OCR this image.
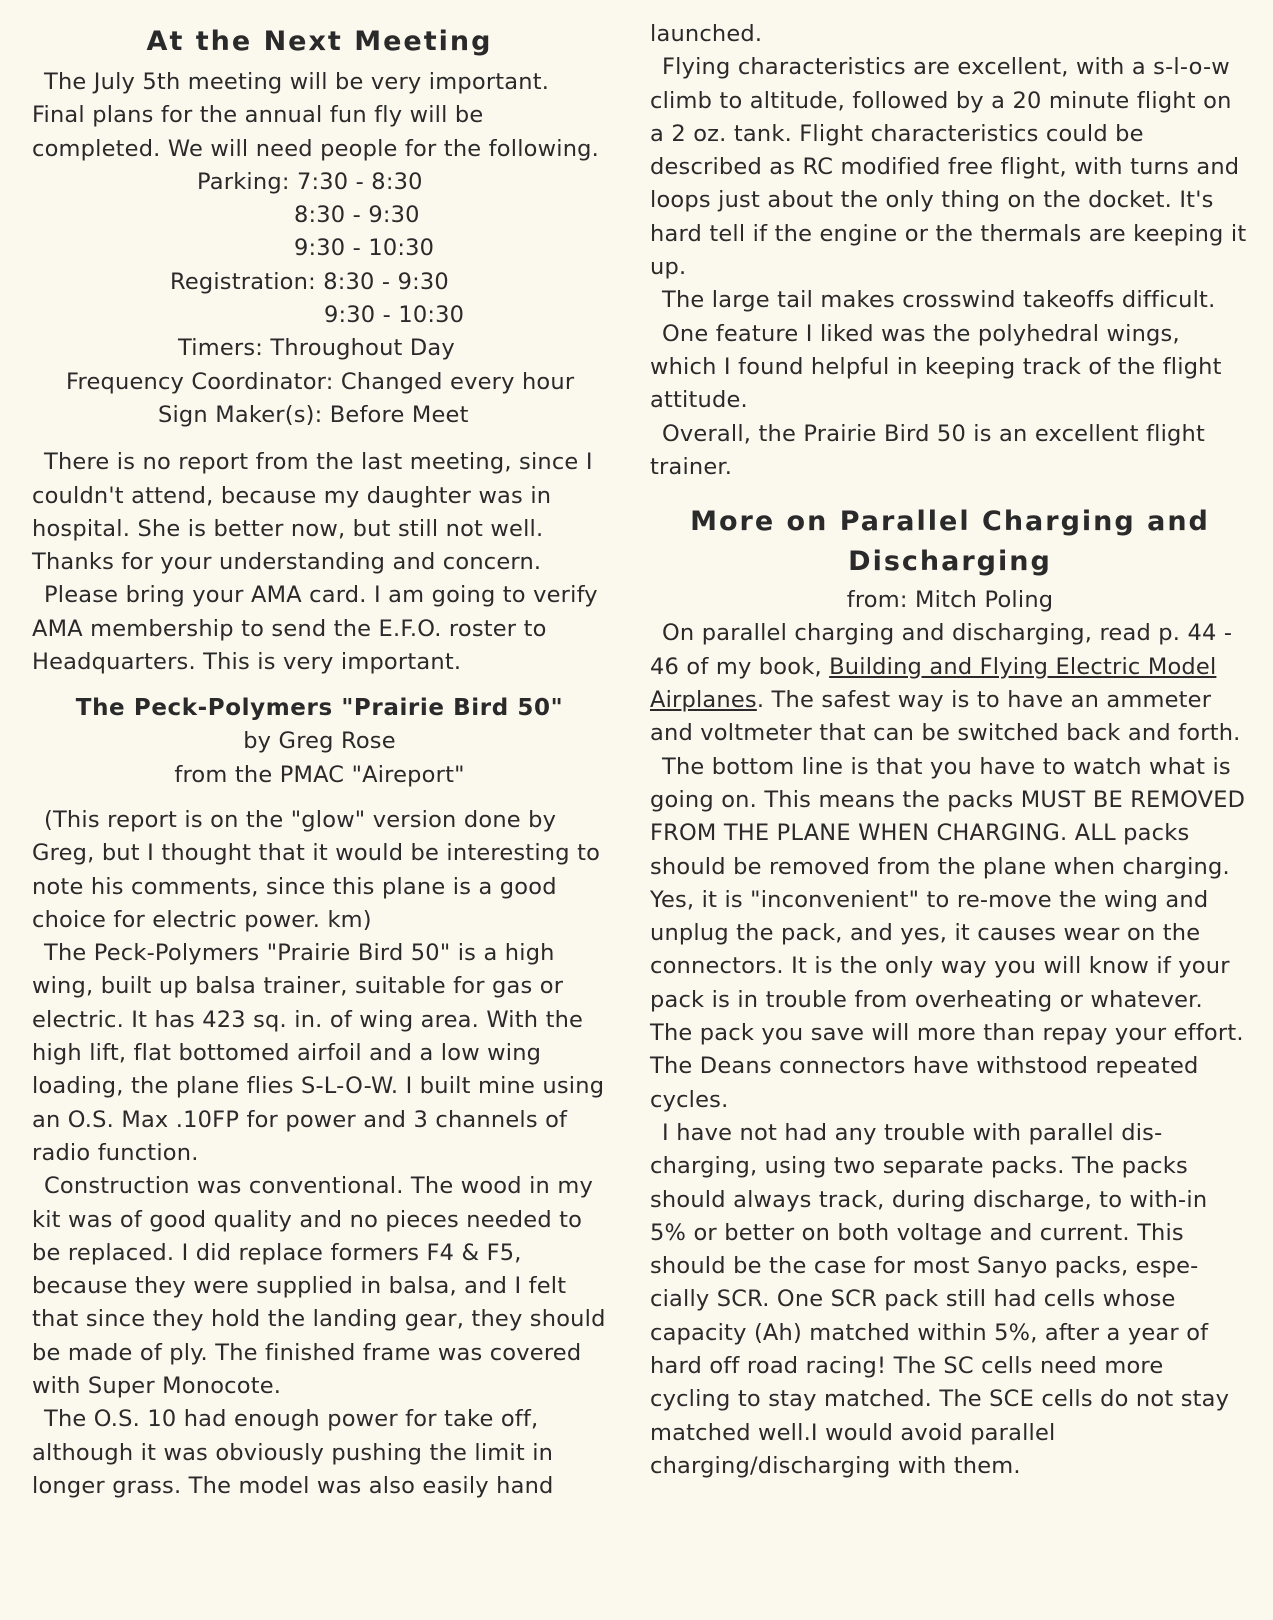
At the Next Meeting

The July 5th meeting will be very important. Final plans for the annual fun fly will be completed. We will need people for the following.

Parking: 7:30 - 8:30
8:30 - 9:30
9:30 - 10:30
Registration: 8:30 - 9:30
9:30 - 10:30
Timers: Throughout Day
Frequency Coordinator: Changed every hour
Sign Maker(s): Before Meet

There is no report from the last meeting, since I couldn't attend, because my daughter was in hospital. She is better now, but still not well. Thanks for your understanding and concern.

Please bring your AMA card. I am going to verify AMA membership to send the E.F.O. roster to Headquarters. This is very important.

The Peck-Polymers "Prairie Bird 50"
by Greg Rose
from the PMAC "Aireport"

(This report is on the "glow" version done by Greg, but I thought that it would be interesting to note his comments, since this plane is a good choice for electric power. km)

The Peck-Polymers "Prairie Bird 50" is a high wing, built up balsa trainer, suitable for gas or electric. It has 423 sq. in. of wing area. With the high lift, flat bottomed airfoil and a low wing loading, the plane flies S-L-O-W. I built mine using an O.S. Max .10FP for power and 3 channels of radio function.

Construction was conventional. The wood in my kit was of good quality and no pieces needed to be replaced. I did replace formers F4 & F5, because they were supplied in balsa, and I felt that since they hold the landing gear, they should be made of ply. The finished frame was covered with Super Monocote.

The O.S. 10 had enough power for take off, although it was obviously pushing the limit in longer grass. The model was also easily hand

launched.

Flying characteristics are excellent, with a s-l-o-w climb to altitude, followed by a 20 minute flight on a 2 oz. tank. Flight characteristics could be described as RC modified free flight, with turns and loops just about the only thing on the docket. It's hard tell if the engine or the thermals are keeping it up.

The large tail makes crosswind takeoffs difficult.

One feature I liked was the polyhedral wings, which I found helpful in keeping track of the flight attitude.

Overall, the Prairie Bird 50 is an excellent flight trainer.

More on Parallel Charging and Discharging
from: Mitch Poling

On parallel charging and discharging, read p. 44 - 46 of my book, Building and Flying Electric Model Airplanes. The safest way is to have an ammeter and voltmeter that can be switched back and forth.

The bottom line is that you have to watch what is going on. This means the packs MUST BE REMOVED FROM THE PLANE WHEN CHARGING. ALL packs should be removed from the plane when charging. Yes, it is "inconvenient" to re-move the wing and unplug the pack, and yes, it causes wear on the connectors. It is the only way you will know if your pack is in trouble from overheating or whatever. The pack you save will more than repay your effort. The Deans connectors have withstood repeated cycles.

I have not had any trouble with parallel dis-charging, using two separate packs. The packs should always track, during discharge, to with-in 5% or better on both voltage and current. This should be the case for most Sanyo packs, espe- cially SCR. One SCR pack still had cells whose capacity (Ah) matched within 5%, after a year of hard off road racing! The SC cells need more cycling to stay matched. The SCE cells do not stay matched well.I would avoid parallel charging/discharging with them.
